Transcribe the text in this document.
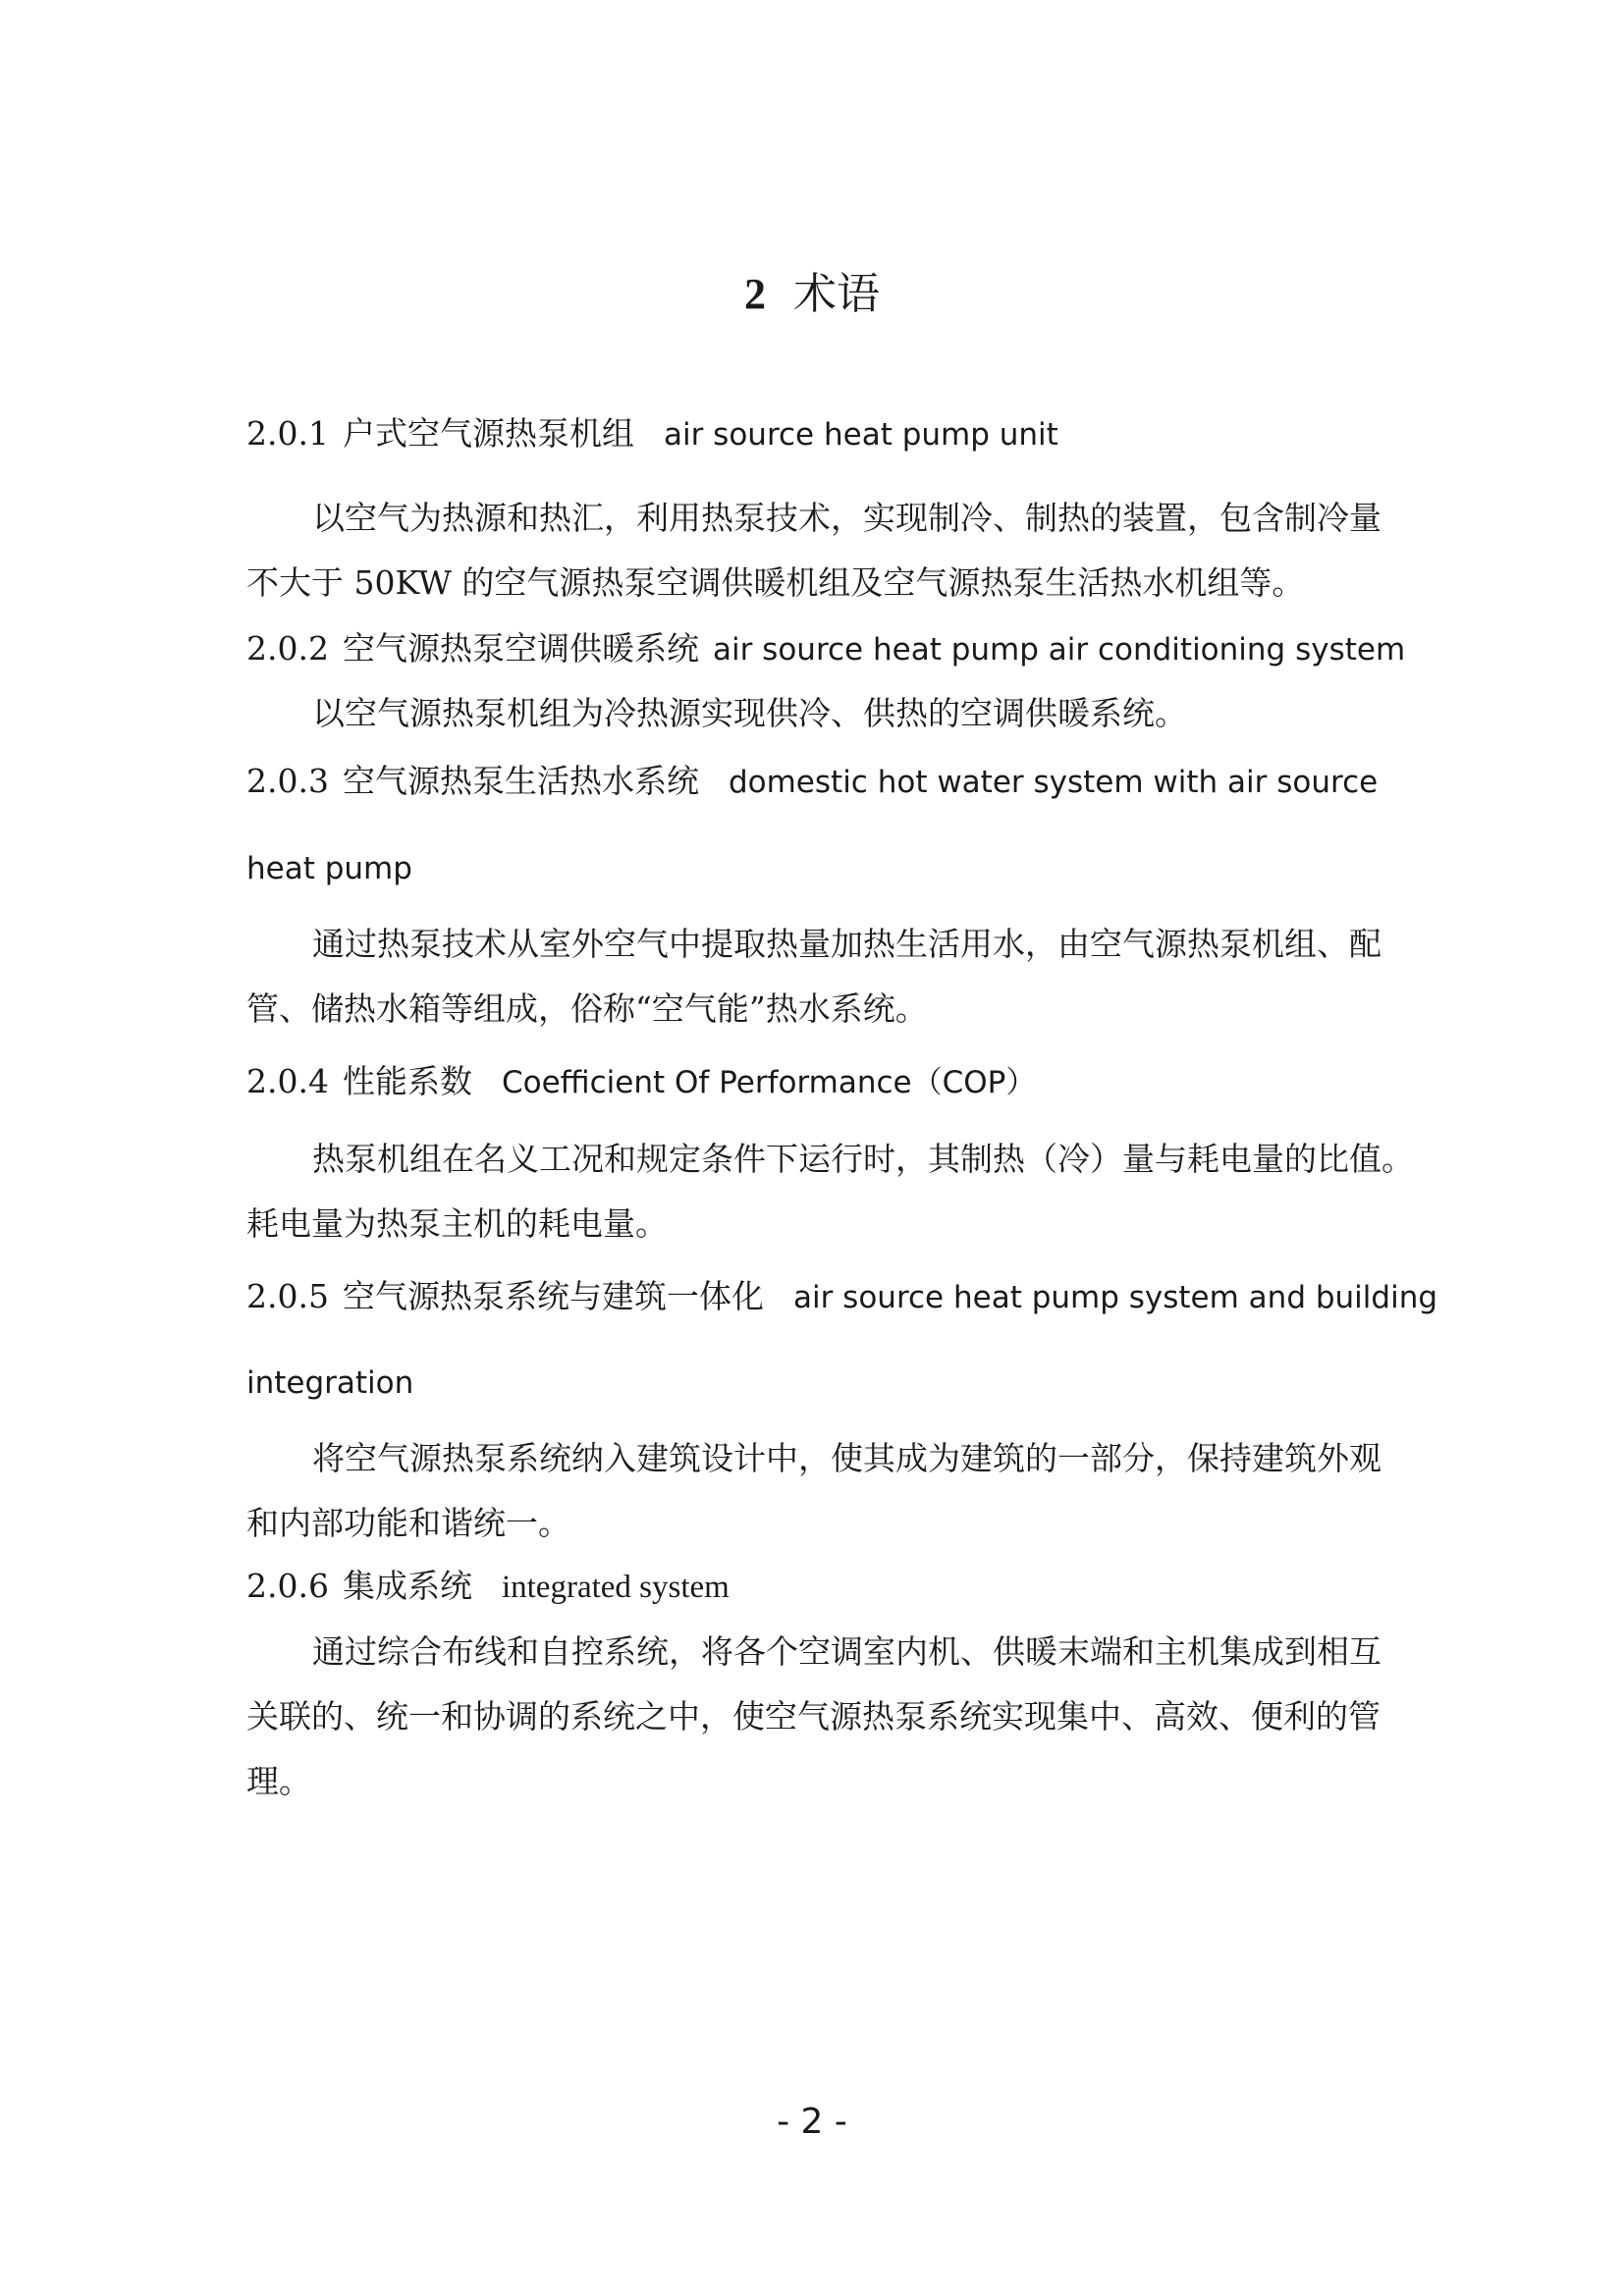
2 术语
2.0.1 户式空气源热泵机组 air source heat pump unit
以空气为热源和热汇，利用热泵技术，实现制冷、制热的装置，包含制冷量
不大于 50KW 的空气源热泵空调供暖机组及空气源热泵生活热水机组等。
2.0.2 空气源热泵空调供暖系统 air source heat pump air conditioning system
以空气源热泵机组为冷热源实现供冷、供热的空调供暖系统。
2.0.3 空气源热泵生活热水系统 domestic hot water system with air source
heat pump
通过热泵技术从室外空气中提取热量加热生活用水，由空气源热泵机组、配
管、储热水箱等组成，俗称“空气能”热水系统。
2.0.4 性能系数 Coefficient Of Performance（COP）
热泵机组在名义工况和规定条件下运行时，其制热（冷）量与耗电量的比值。
耗电量为热泵主机的耗电量。
2.0.5 空气源热泵系统与建筑一体化 air source heat pump system and building
integration
将空气源热泵系统纳入建筑设计中，使其成为建筑的一部分，保持建筑外观
和内部功能和谐统一。
2.0.6 集成系统 integrated system
通过综合布线和自控系统，将各个空调室内机、供暖末端和主机集成到相互
关联的、统一和协调的系统之中，使空气源热泵系统实现集中、高效、便利的管
理。
- 2 -
